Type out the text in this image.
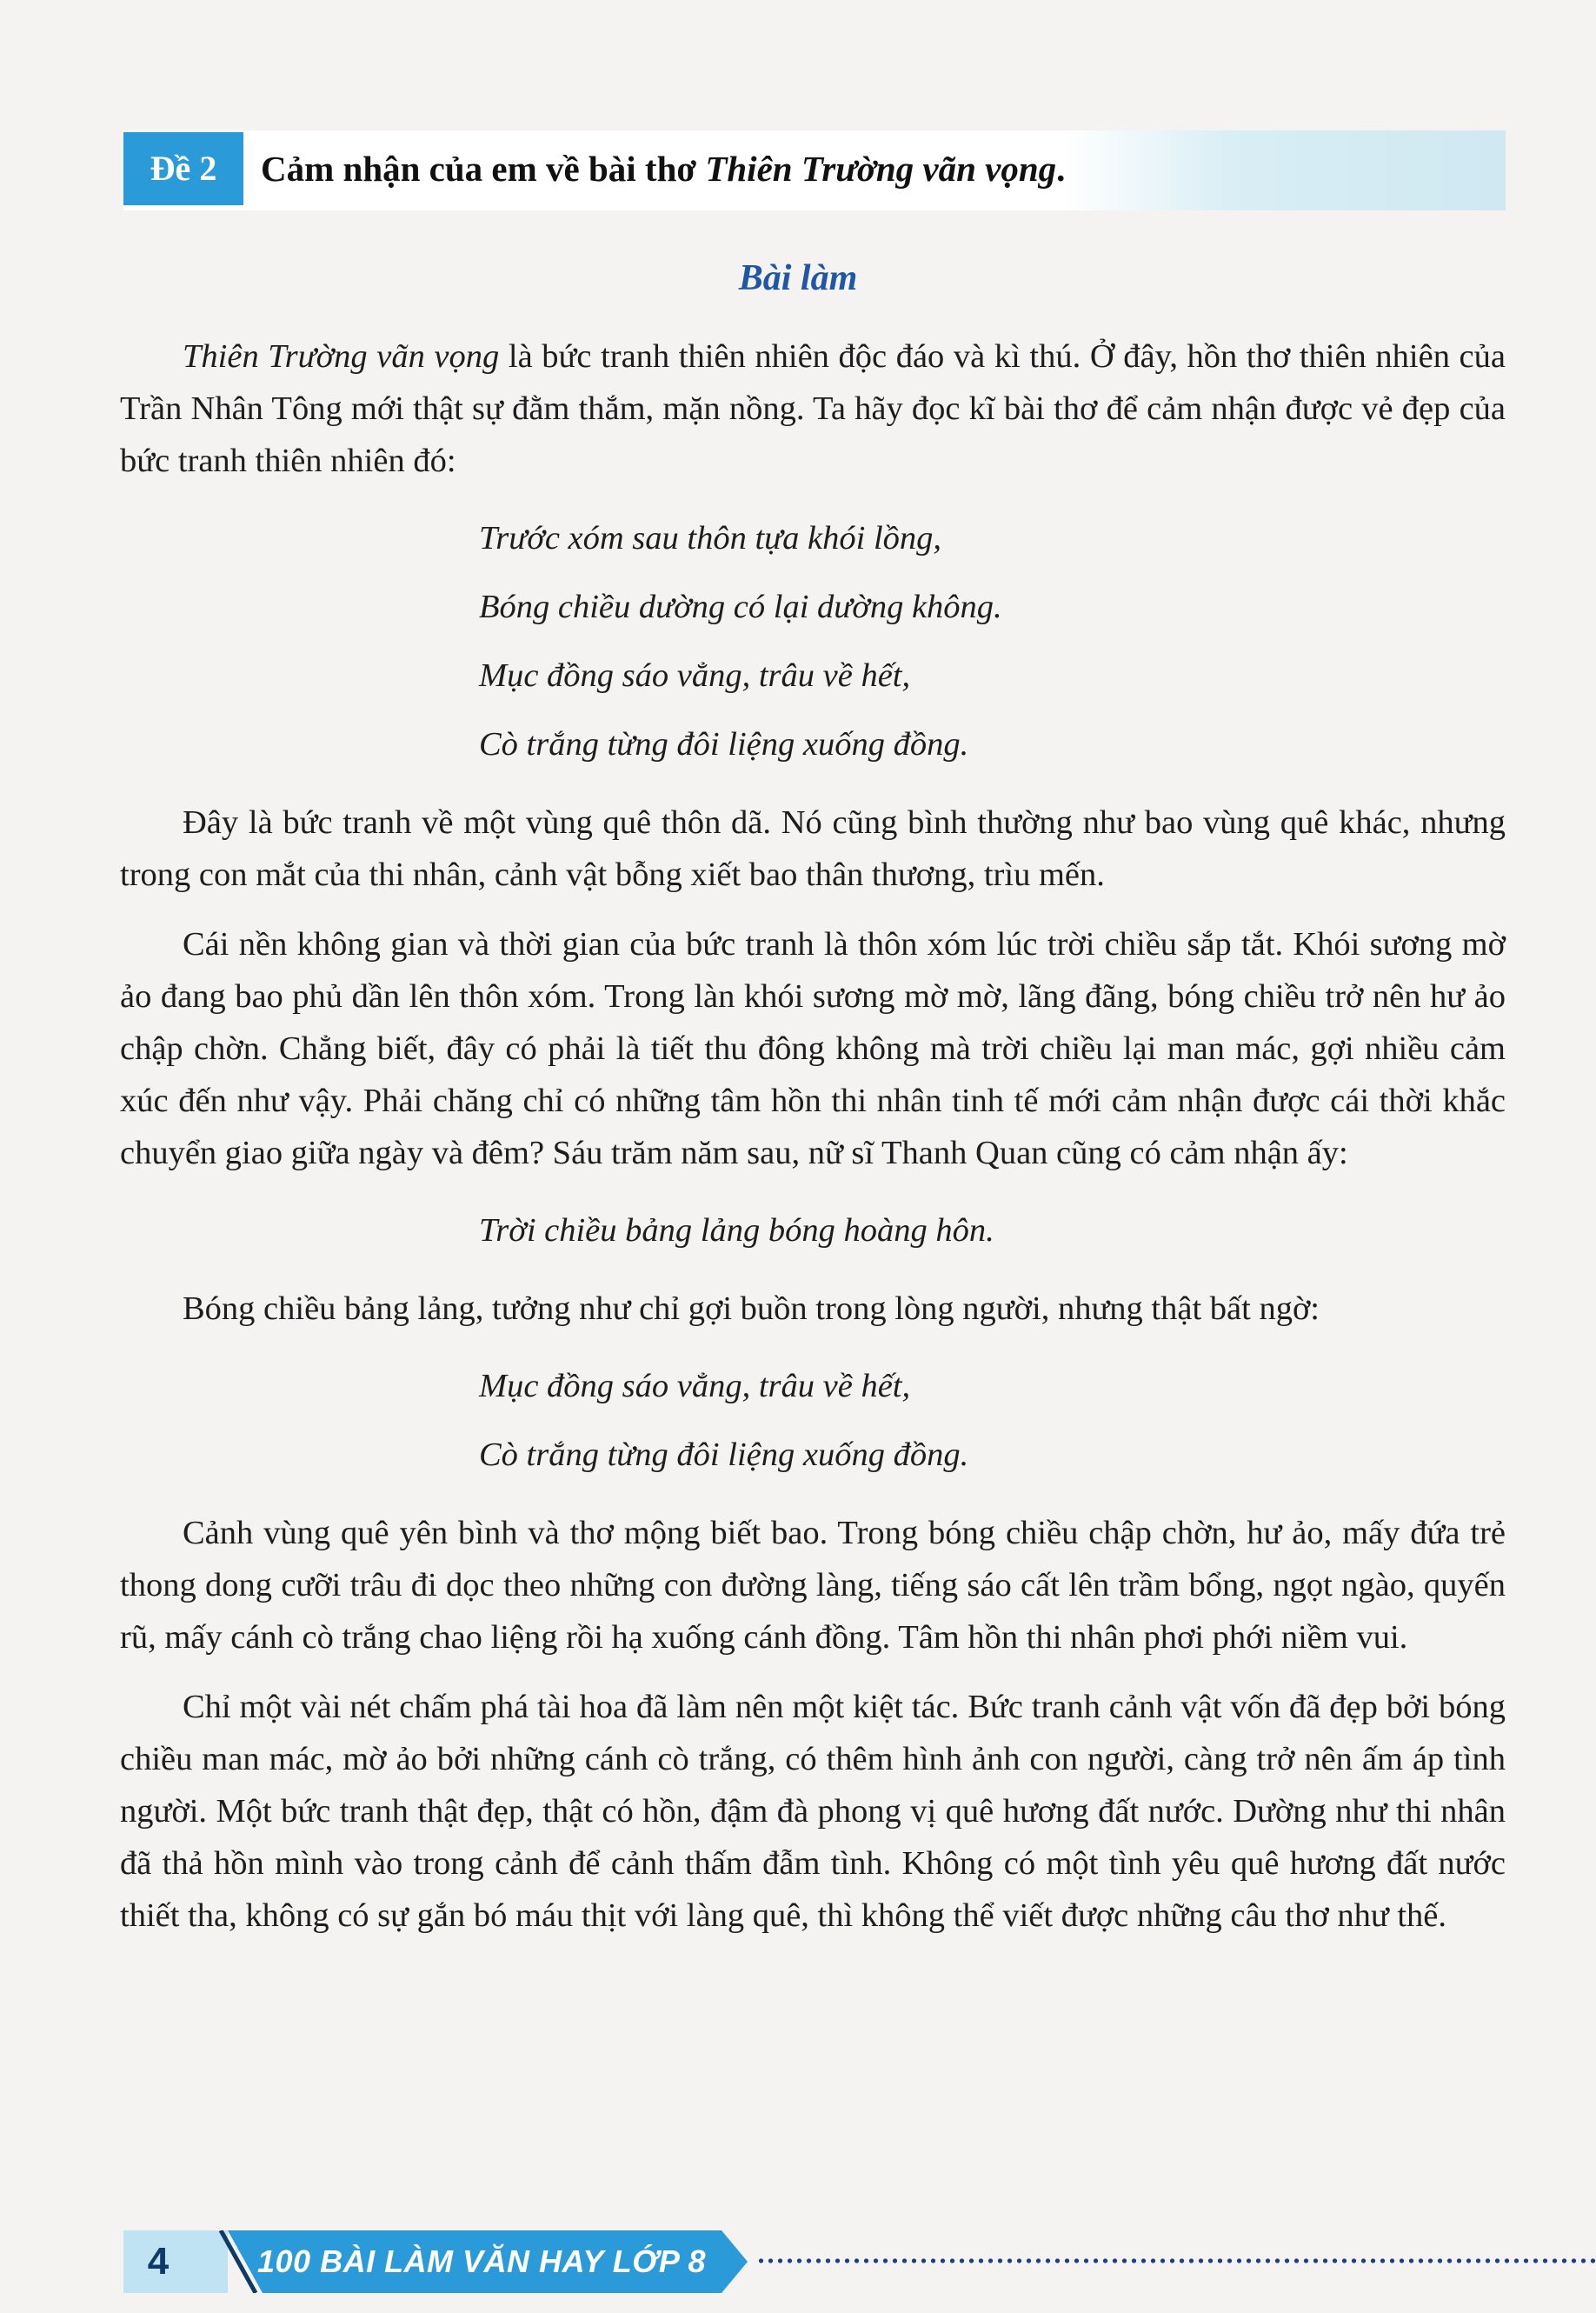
Đề 2	Cảm nhận của em về bài thơ Thiên Trường vãn vọng.
Bài làm

Thiên Trường vãn vọng là bức tranh thiên nhiên độc đáo và kì thú. Ở đây, hồn thơ thiên nhiên của Trần Nhân Tông mới thật sự đằm thắm, mặn nồng. Ta hãy đọc kĩ bài thơ để cảm nhận được vẻ đẹp của bức tranh thiên nhiên đó:

Trước xóm sau thôn tựa khói lồng,
Bóng chiều dường có lại dường không.
Mục đồng sáo vẳng, trâu về hết,
Cò trắng từng đôi liệng xuống đồng.

Đây là bức tranh về một vùng quê thôn dã. Nó cũng bình thường như bao vùng quê khác, nhưng trong con mắt của thi nhân, cảnh vật bỗng xiết bao thân thương, trìu mến.

Cái nền không gian và thời gian của bức tranh là thôn xóm lúc trời chiều sắp tắt. Khói sương mờ ảo đang bao phủ dần lên thôn xóm. Trong làn khói sương mờ mờ, lãng đãng, bóng chiều trở nên hư ảo chập chờn. Chẳng biết, đây có phải là tiết thu đông không mà trời chiều lại man mác, gợi nhiều cảm xúc đến như vậy. Phải chăng chỉ có những tâm hồn thi nhân tinh tế mới cảm nhận được cái thời khắc chuyển giao giữa ngày và đêm? Sáu trăm năm sau, nữ sĩ Thanh Quan cũng có cảm nhận ấy:

Trời chiều bảng lảng bóng hoàng hôn.

Bóng chiều bảng lảng, tưởng như chỉ gợi buồn trong lòng người, nhưng thật bất ngờ:

Mục đồng sáo vẳng, trâu về hết,
Cò trắng từng đôi liệng xuống đồng.

Cảnh vùng quê yên bình và thơ mộng biết bao. Trong bóng chiều chập chờn, hư ảo, mấy đứa trẻ thong dong cưỡi trâu đi dọc theo những con đường làng, tiếng sáo cất lên trầm bổng, ngọt ngào, quyến rũ, mấy cánh cò trắng chao liệng rồi hạ xuống cánh đồng. Tâm hồn thi nhân phơi phới niềm vui.

Chỉ một vài nét chấm phá tài hoa đã làm nên một kiệt tác. Bức tranh cảnh vật vốn đã đẹp bởi bóng chiều man mác, mờ ảo bởi những cánh cò trắng, có thêm hình ảnh con người, càng trở nên ấm áp tình người. Một bức tranh thật đẹp, thật có hồn, đậm đà phong vị quê hương đất nước. Dường như thi nhân đã thả hồn mình vào trong cảnh để cảnh thấm đẫm tình. Không có một tình yêu quê hương đất nước thiết tha, không có sự gắn bó máu thịt với làng quê, thì không thể viết được những câu thơ như thế.

4	100 BÀI LÀM VĂN HAY LỚP 8
